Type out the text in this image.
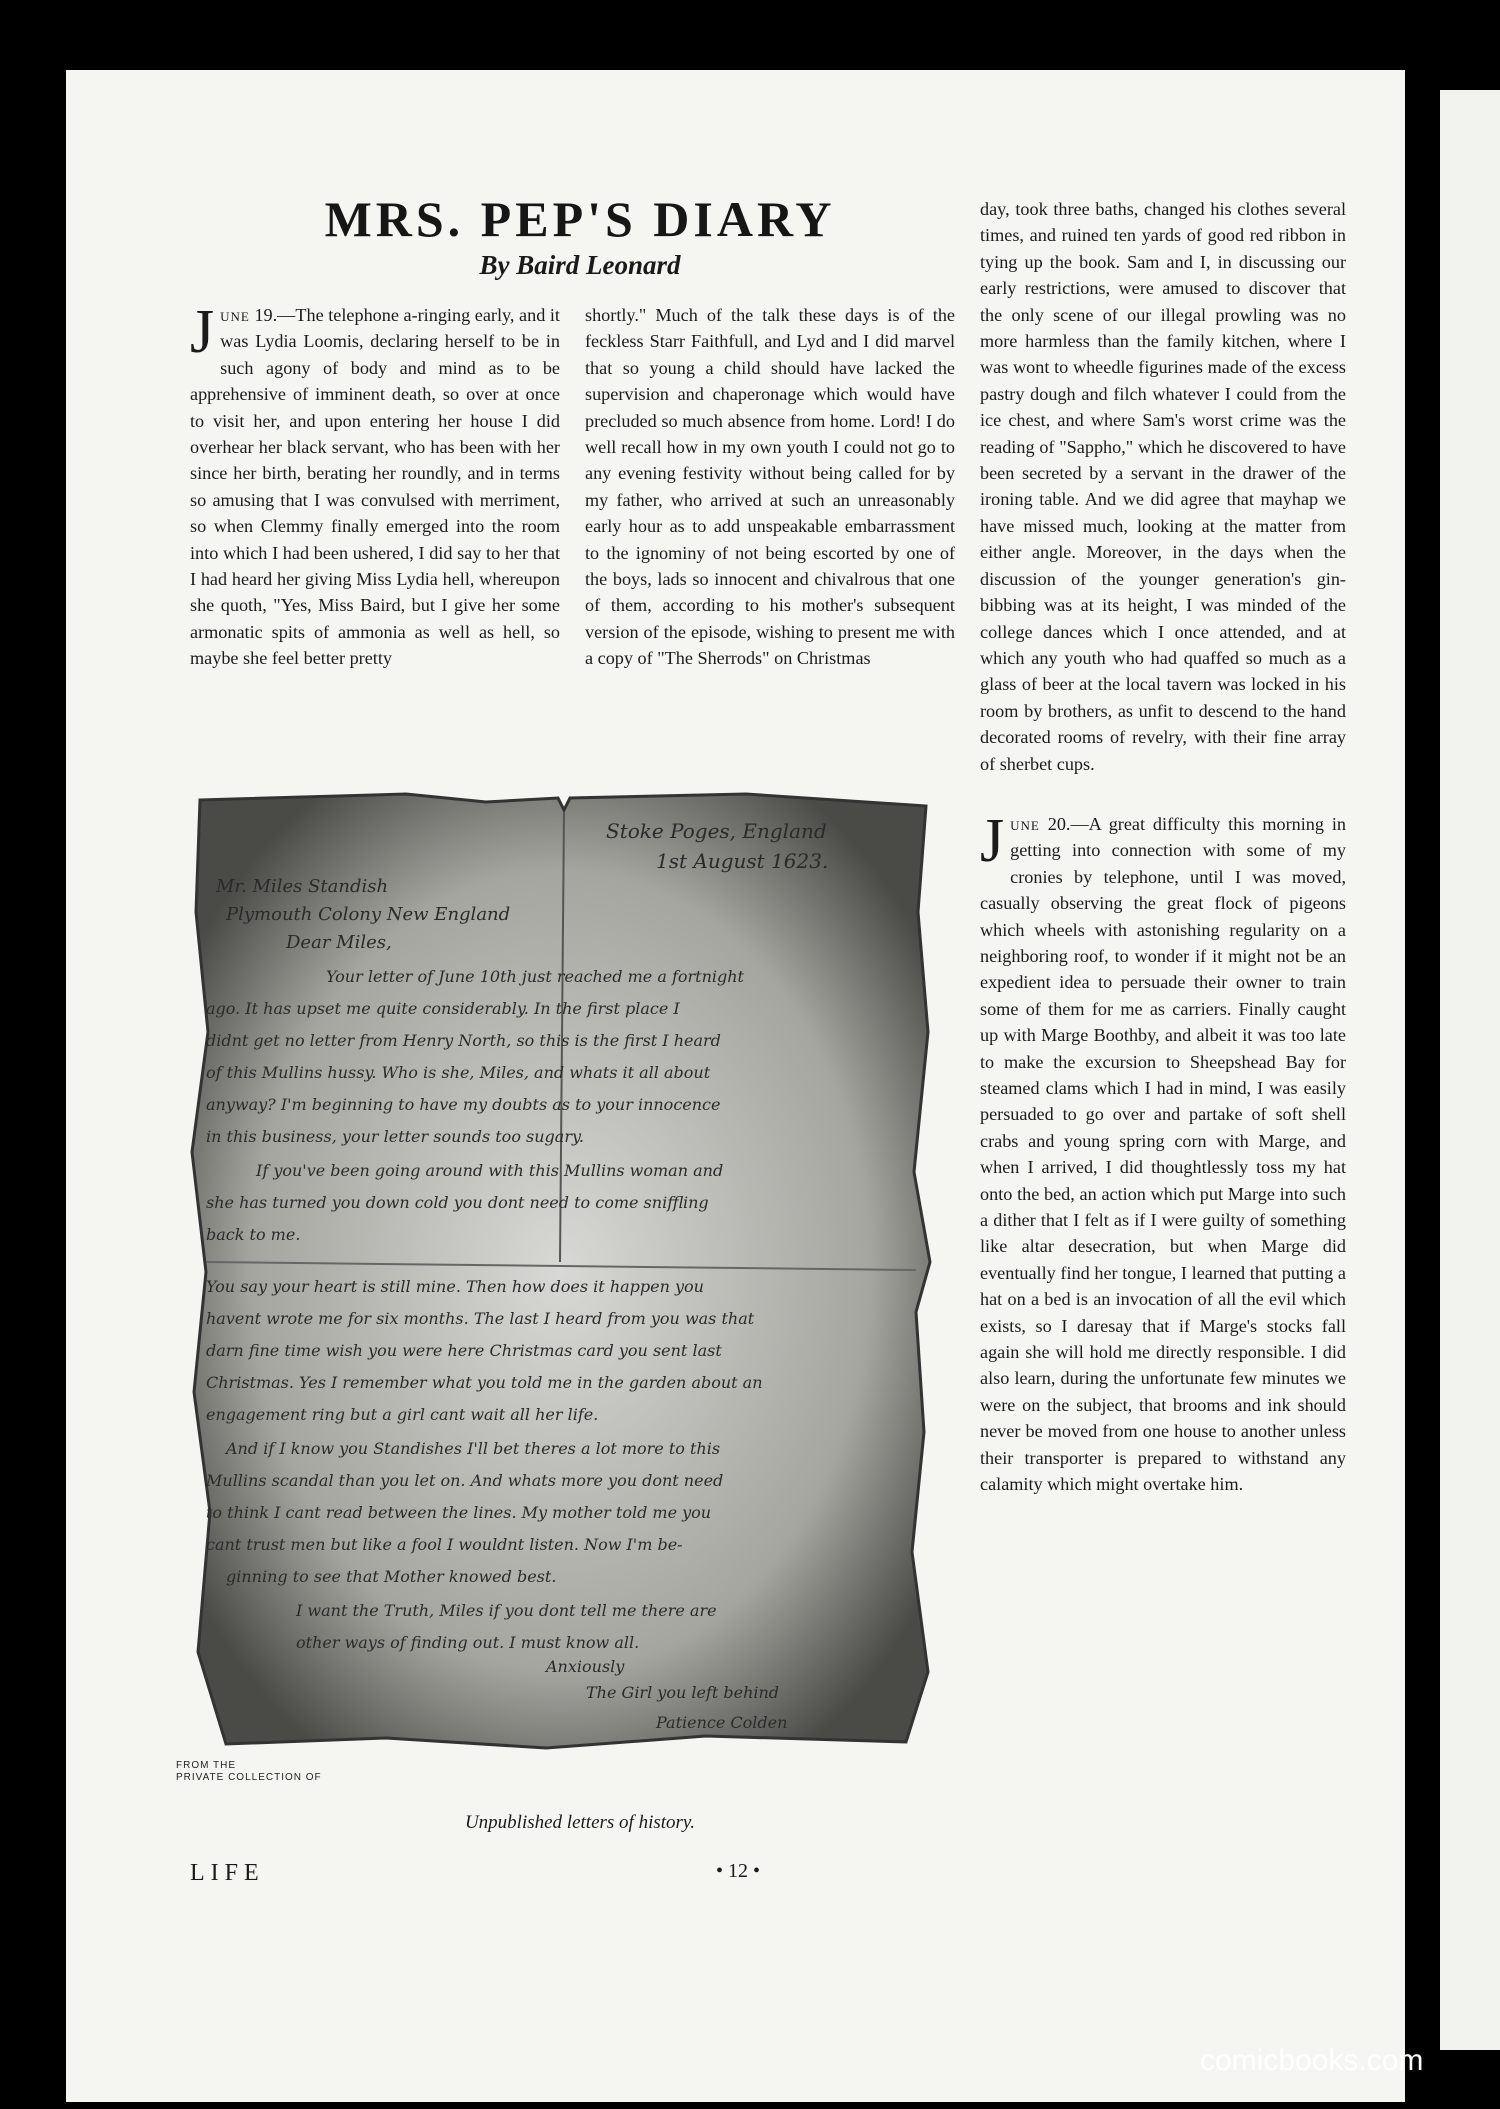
MRS. PEP'S DIARY
By Baird Leonard
June 19.—The telephone a-ringing early, and it was Lydia Loomis, declaring herself to be in such agony of body and mind as to be apprehensive of imminent death, so over at once to visit her, and upon entering her house I did overhear her black servant, who has been with her since her birth, berating her roundly, and in terms so amusing that I was convulsed with merriment, so when Clemmy finally emerged into the room into which I had been ushered, I did say to her that I had heard her giving Miss Lydia hell, whereupon she quoth, "Yes, Miss Baird, but I give her some armonatic spits of ammonia as well as hell, so maybe she feel better pretty
shortly." Much of the talk these days is of the feckless Starr Faithfull, and Lyd and I did marvel that so young a child should have lacked the supervision and chaperonage which would have precluded so much absence from home. Lord! I do well recall how in my own youth I could not go to any evening festivity without being called for by my father, who arrived at such an unreasonably early hour as to add unspeakable embarrassment to the ignominy of not being escorted by one of the boys, lads so innocent and chivalrous that one of them, according to his mother's subsequent version of the episode, wishing to present me with a copy of "The Sherrods" on Christmas
day, took three baths, changed his clothes several times, and ruined ten yards of good red ribbon in tying up the book. Sam and I, in discussing our early restrictions, were amused to discover that the only scene of our illegal prowling was no more harmless than the family kitchen, where I was wont to wheedle figurines made of the excess pastry dough and filch whatever I could from the ice chest, and where Sam's worst crime was the reading of "Sappho," which he discovered to have been secreted by a servant in the drawer of the ironing table. And we did agree that mayhap we have missed much, looking at the matter from either angle. Moreover, in the days when the discussion of the younger generation's gin-bibbing was at its height, I was minded of the college dances which I once attended, and at which any youth who had quaffed so much as a glass of beer at the local tavern was locked in his room by brothers, as unfit to descend to the hand decorated rooms of revelry, with their fine array of sherbet cups.
June 20.—A great difficulty this morning in getting into connection with some of my cronies by telephone, until I was moved, casually observing the great flock of pigeons which wheels with astonishing regularity on a neighboring roof, to wonder if it might not be an expedient idea to persuade their owner to train some of them for me as carriers. Finally caught up with Marge Boothby, and albeit it was too late to make the excursion to Sheepshead Bay for steamed clams which I had in mind, I was easily persuaded to go over and partake of soft shell crabs and young spring corn with Marge, and when I arrived, I did thoughtlessly toss my hat onto the bed, an action which put Marge into such a dither that I felt as if I were guilty of something like altar desecration, but when Marge did eventually find her tongue, I learned that putting a hat on a bed is an invocation of all the evil which exists, so I daresay that if Marge's stocks fall again she will hold me directly responsible. I did also learn, during the unfortunate few minutes we were on the subject, that brooms and ink should never be moved from one house to another unless their transporter is prepared to withstand any calamity which might overtake him.
Stoke Poges, England
1st August 1623.
Mr. Miles Standish
Plymouth Colony New England
Dear Miles,
Your letter of June 10th just reached me a fortnight
ago. It has upset me quite considerably. In the first place I
didnt get no letter from Henry North, so this is the first I heard
of this Mullins hussy. Who is she, Miles, and whats it all about
anyway? I'm beginning to have my doubts as to your innocence
in this business, your letter sounds too sugary.
If you've been going around with this Mullins woman and
she has turned you down cold you dont need to come sniffling
back to me.
You say your heart is still mine. Then how does it happen you
havent wrote me for six months. The last I heard from you was that
darn fine time wish you were here Christmas card you sent last
Christmas. Yes I remember what you told me in the garden about an
engagement ring but a girl cant wait all her life.
And if I know you Standishes I'll bet theres a lot more to this
Mullins scandal than you let on. And whats more you dont need
to think I cant read between the lines. My mother told me you
cant trust men but like a fool I wouldnt listen. Now I'm be-
ginning to see that Mother knowed best.
I want the Truth, Miles if you dont tell me there are
other ways of finding out. I must know all.
Anxiously
The Girl you left behind
Patience Colden
FROM THE
PRIVATE COLLECTION OF
Unpublished letters of history.
LIFE	• 12 •
comicbooks.com
